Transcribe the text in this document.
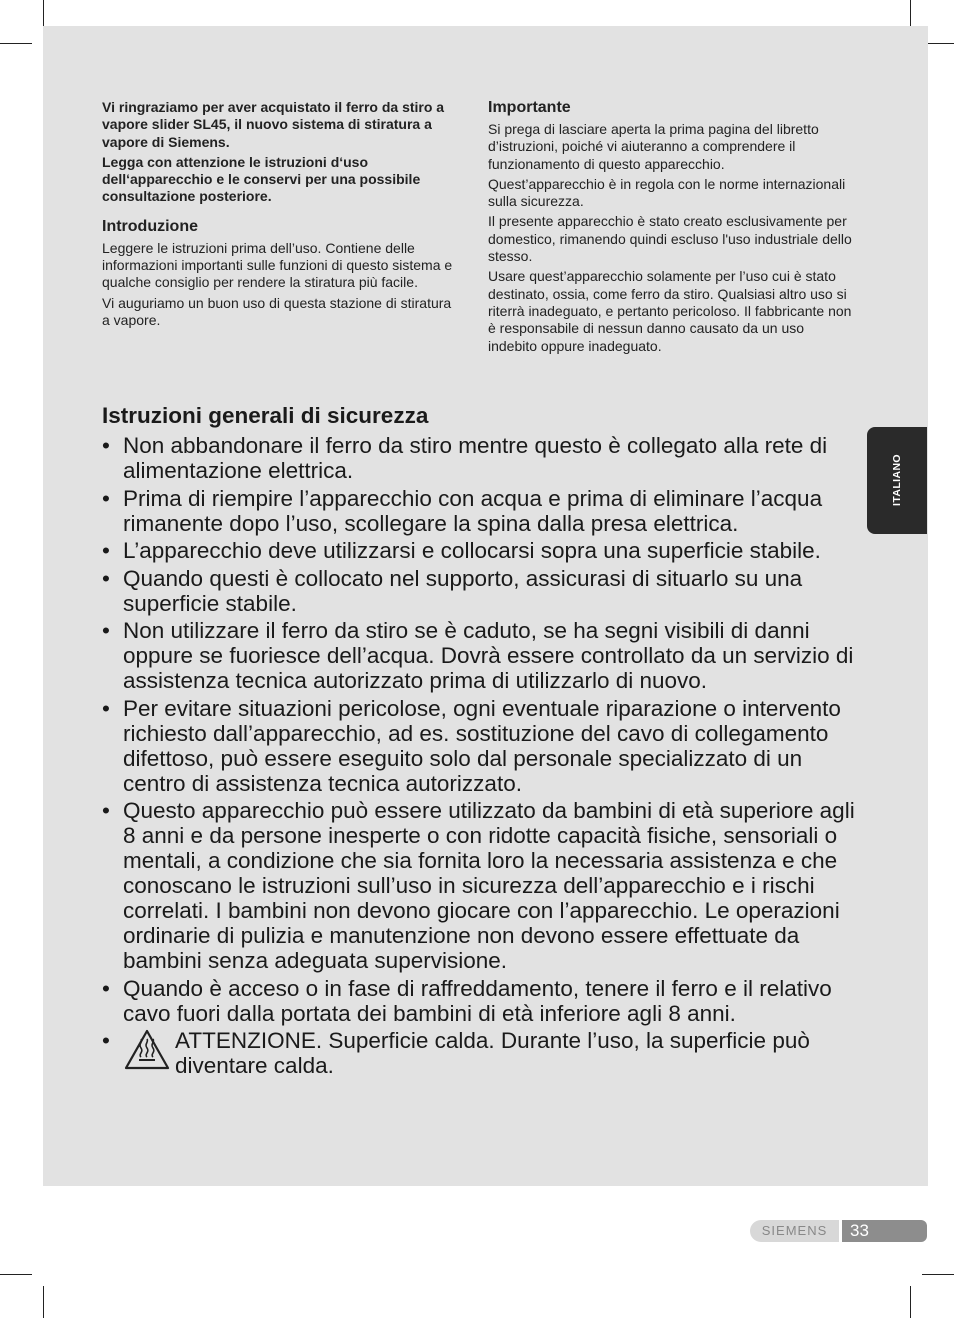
Vi ringraziamo per aver acquistato il ferro da stiro a vapore slider SL45, il nuovo sistema di stiratura a vapore di Siemens.

Legga con attenzione le istruzioni d‘uso dell‘apparecchio e le conservi per una possibile consultazione posteriore.

Introduzione

Leggere le istruzioni prima dell’uso. Contiene delle informazioni importanti sulle funzioni di questo sistema e qualche consiglio per rendere la stiratura più facile.

Vi auguriamo un buon uso di questa stazione di stiratura a vapore.

Importante

Si prega di lasciare aperta la prima pagina del libretto d’istruzioni, poiché vi aiuteranno a comprendere il funzionamento di questo apparecchio.

Quest’apparecchio è in regola con le norme internazionali sulla sicurezza.

Il presente apparecchio è stato creato esclusivamente per domestico, rimanendo quindi escluso l'uso industriale dello stesso.

Usare quest’apparecchio solamente per l’uso cui è stato destinato, ossia, come ferro da stiro. Qualsiasi altro uso si riterrà inadeguato, e pertanto pericoloso. Il fabbricante non è responsabile di nessun danno causato da un uso indebito oppure inadeguato.

Istruzioni generali di sicurezza
• Non abbandonare il ferro da stiro mentre questo è collegato alla rete di alimentazione elettrica.
• Prima di riempire l’apparecchio con acqua e prima di eliminare l’acqua rimanente dopo l’uso, scollegare la spina dalla presa elettrica.
• L’apparecchio deve utilizzarsi e collocarsi sopra una superficie stabile.
• Quando questi è collocato nel supporto, assicurasi di situarlo su una superficie stabile.
• Non utilizzare il ferro da stiro se è caduto, se ha segni visibili di danni oppure se fuoriesce dell’acqua. Dovrà essere controllato da un servizio di assistenza tecnica autorizzato prima di utilizzarlo di nuovo.
• Per evitare situazioni pericolose, ogni eventuale riparazione o intervento richiesto dall’apparecchio, ad es. sostituzione del cavo di collegamento difettoso, può essere eseguito solo dal personale specializzato di un centro di assistenza tecnica autorizzato.
• Questo apparecchio può essere utilizzato da bambini di età superiore agli 8 anni e da persone inesperte o con ridotte capacità fisiche, sensoriali o mentali, a condizione che sia fornita loro la necessaria assistenza e che conoscano le istruzioni sull’uso in sicurezza dell’apparecchio e i rischi correlati. I bambini non devono giocare con l’apparecchio. Le operazioni ordinarie di pulizia e manutenzione non devono essere effettuate da bambini senza adeguata supervisione.
• Quando è acceso o in fase di raffreddamento, tenere il ferro e il relativo cavo fuori dalla portata dei bambini di età inferiore agli 8 anni.
•	ATTENZIONE. Superficie calda. Durante l’uso, la superficie può diventare calda.
ITALIANO
SIEMENS	33
